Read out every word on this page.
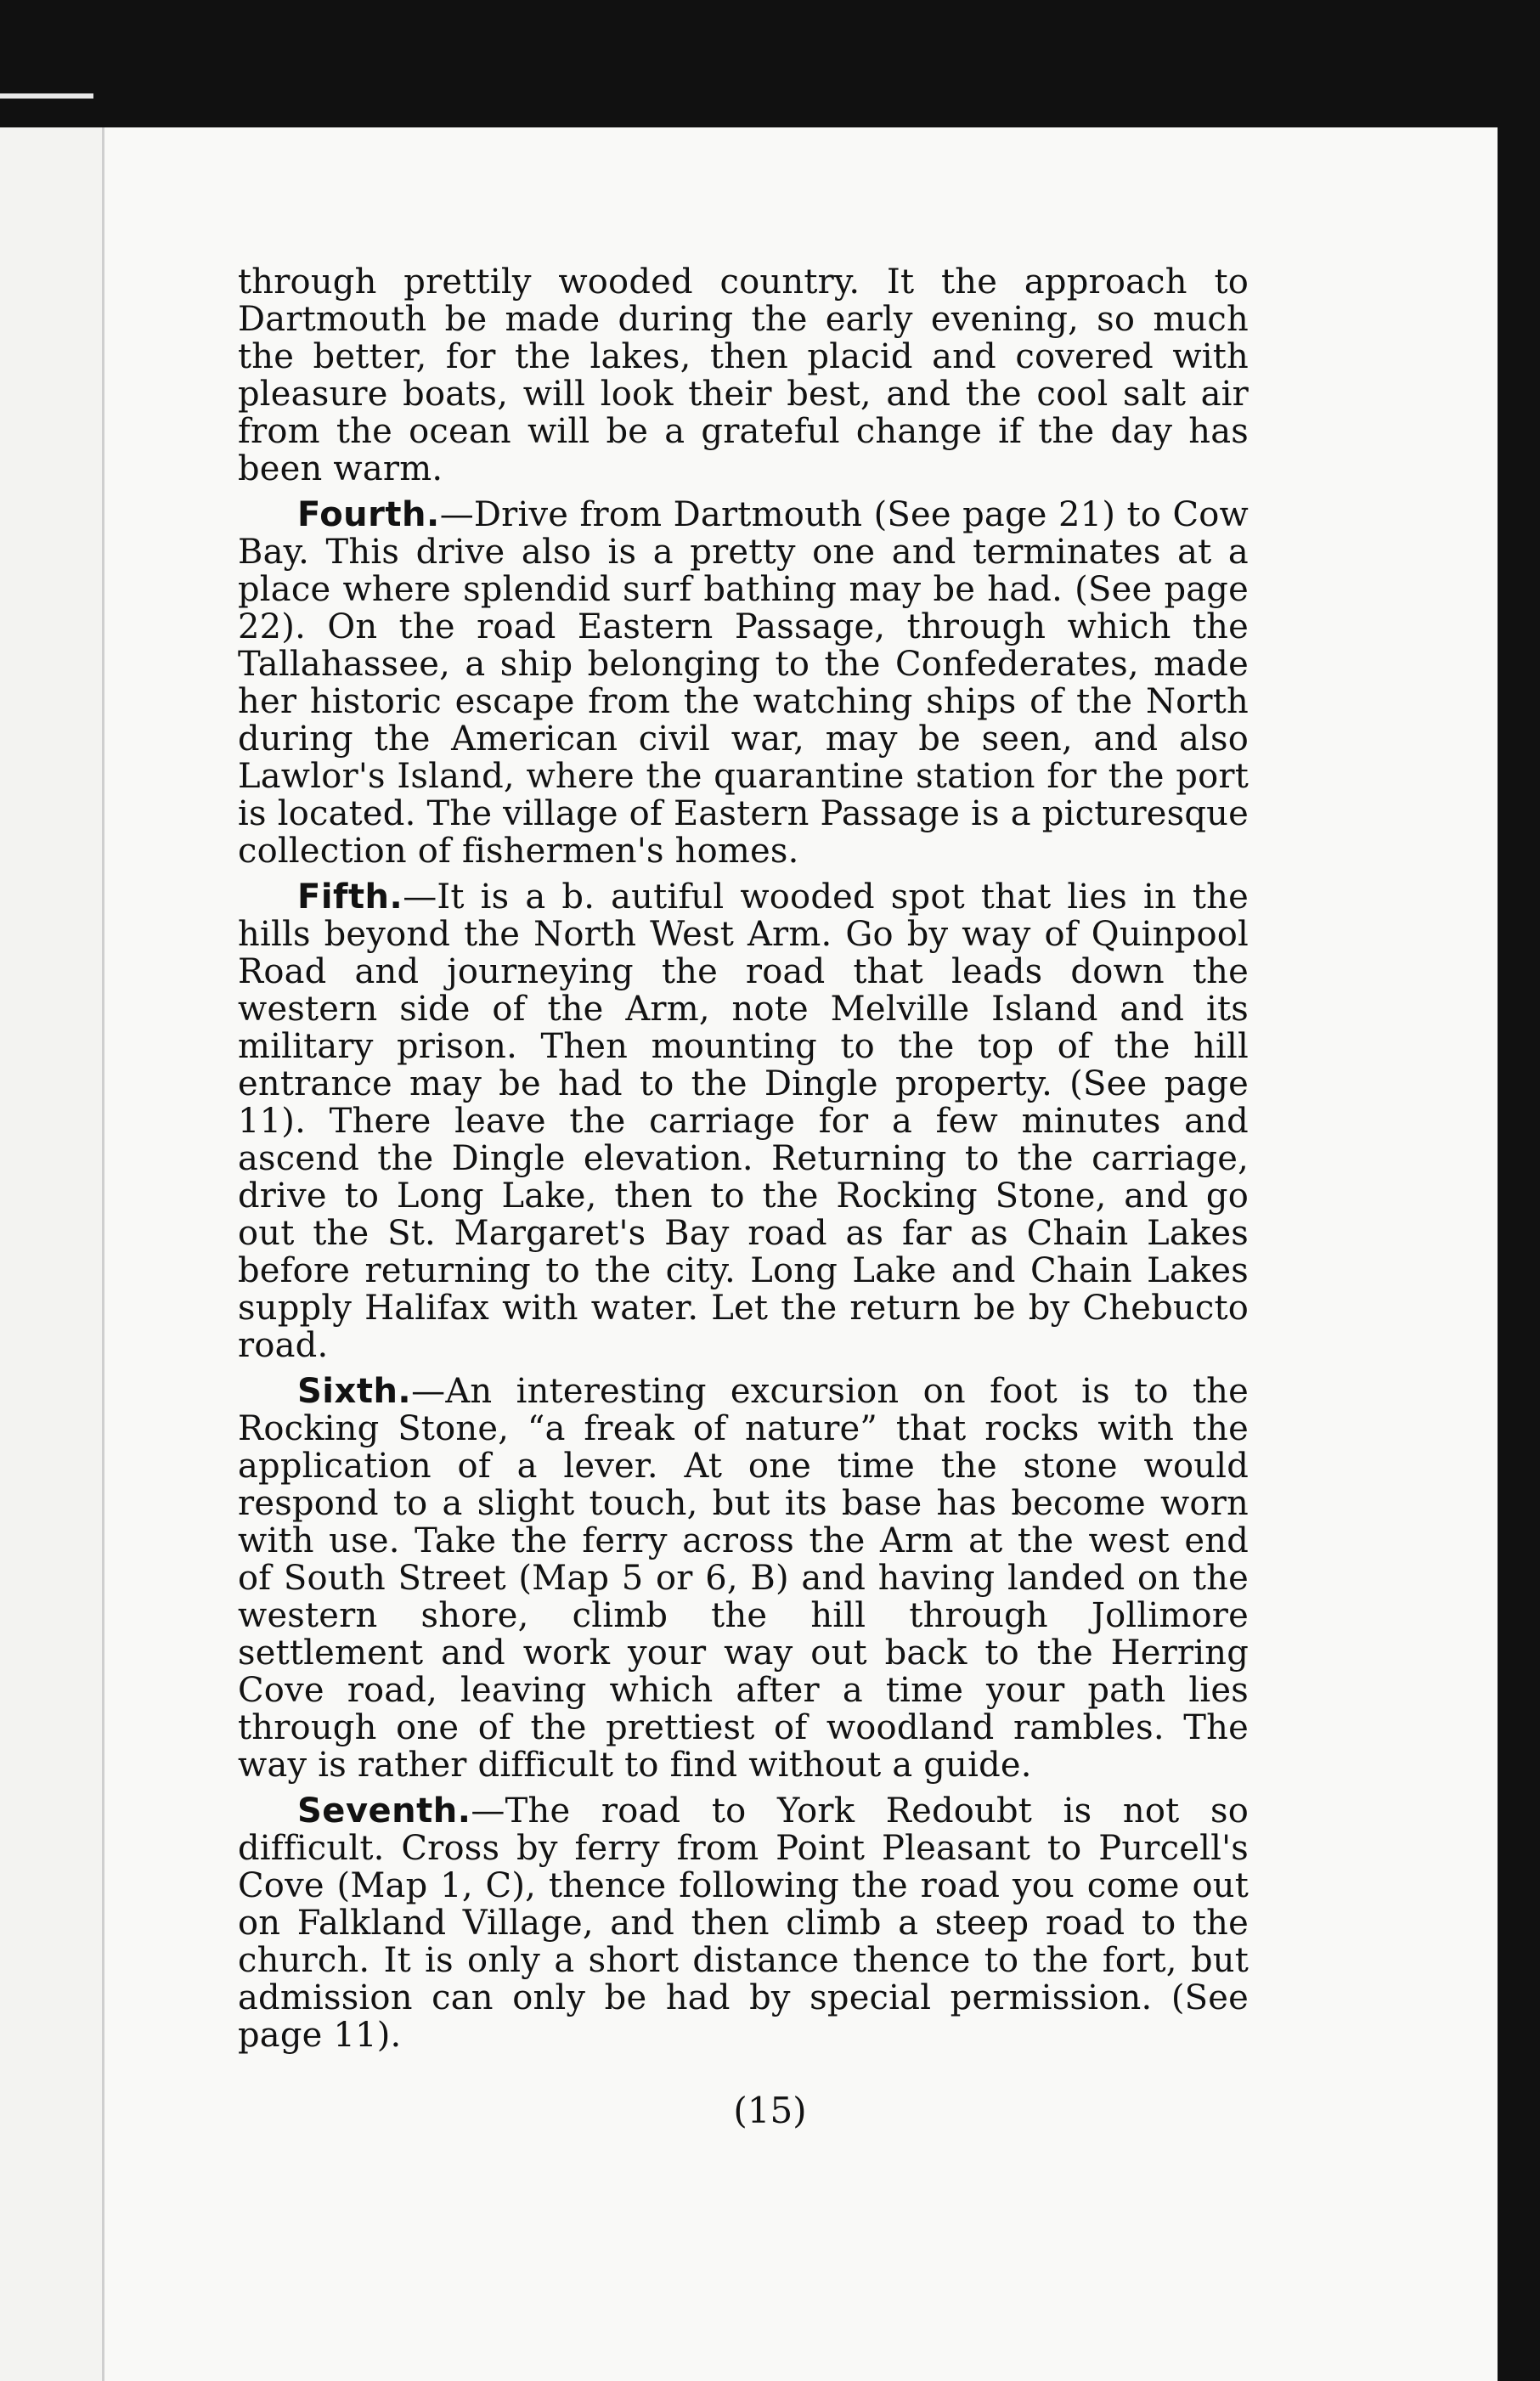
through prettily wooded country. It the approach to Dartmouth be made during the early evening, so much the better, for the lakes, then placid and covered with pleasure boats, will look their best, and the cool salt air from the ocean will be a grateful change if the day has been warm.

Fourth.—Drive from Dartmouth (See page 21) to Cow Bay. This drive also is a pretty one and terminates at a place where splendid surf bathing may be had. (See page 22). On the road Eastern Passage, through which the Tallahassee, a ship belonging to the Confederates, made her historic escape from the watching ships of the North during the American civil war, may be seen, and also Lawlor's Island, where the quarantine station for the port is located. The village of Eastern Passage is a picturesque collection of fishermen's homes.

Fifth.—It is a b. autiful wooded spot that lies in the hills beyond the North West Arm. Go by way of Quinpool Road and journeying the road that leads down the western side of the Arm, note Melville Island and its military prison. Then mounting to the top of the hill entrance may be had to the Dingle property. (See page 11). There leave the carriage for a few minutes and ascend the Dingle elevation. Returning to the carriage, drive to Long Lake, then to the Rocking Stone, and go out the St. Margaret's Bay road as far as Chain Lakes before returning to the city. Long Lake and Chain Lakes supply Halifax with water. Let the return be by Chebucto road.

Sixth.—An interesting excursion on foot is to the Rocking Stone, “a freak of nature” that rocks with the application of a lever. At one time the stone would respond to a slight touch, but its base has become worn with use. Take the ferry across the Arm at the west end of South Street (Map 5 or 6, B) and having landed on the western shore, climb the hill through Jollimore settlement and work your way out back to the Herring Cove road, leaving which after a time your path lies through one of the prettiest of woodland rambles. The way is rather difficult to find without a guide.

Seventh.—The road to York Redoubt is not so difficult. Cross by ferry from Point Pleasant to Purcell's Cove (Map 1, C), thence following the road you come out on Falkland Village, and then climb a steep road to the church. It is only a short distance thence to the fort, but admission can only be had by special permission. (See page 11).

(15)
